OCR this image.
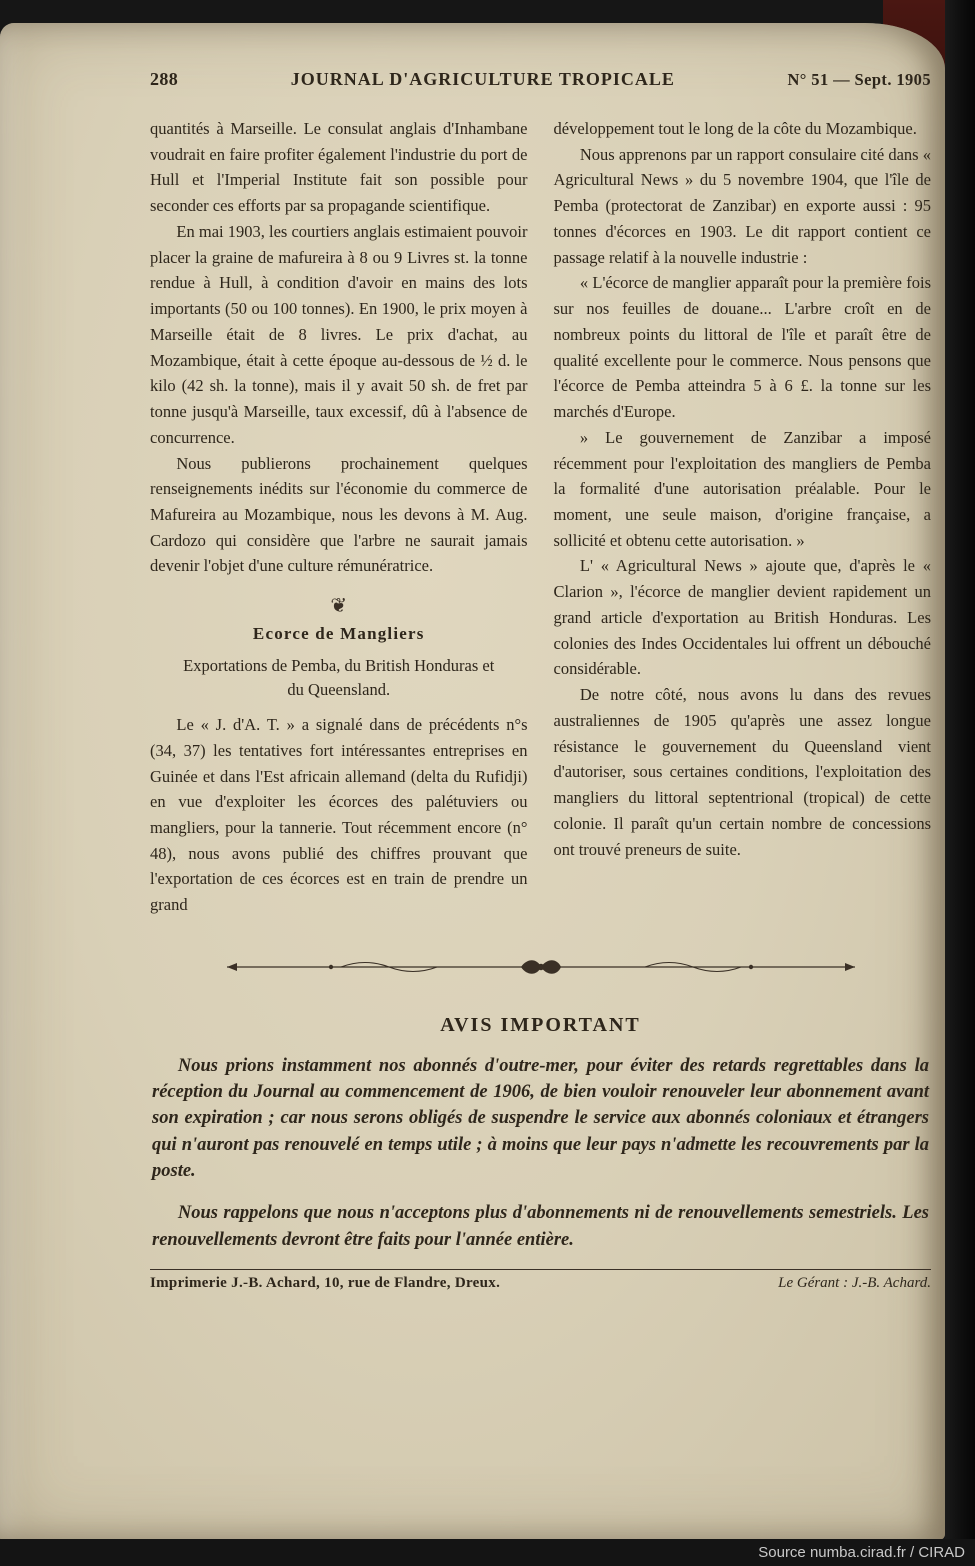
288	JOURNAL D'AGRICULTURE TROPICALE	N° 51 — Sept. 1905

quantités à Marseille. Le consulat anglais d'Inhambane voudrait en faire profiter également l'industrie du port de Hull et l'Imperial Institute fait son possible pour seconder ces efforts par sa propagande scientifique.

En mai 1903, les courtiers anglais estimaient pouvoir placer la graine de mafureira à 8 ou 9 Livres st. la tonne rendue à Hull, à condition d'avoir en mains des lots importants (50 ou 100 tonnes). En 1900, le prix moyen à Marseille était de 8 livres. Le prix d'achat, au Mozambique, était à cette époque au-dessous de ½ d. le kilo (42 sh. la tonne), mais il y avait 50 sh. de fret par tonne jusqu'à Marseille, taux excessif, dû à l'absence de concurrence.

Nous publierons prochainement quelques renseignements inédits sur l'économie du commerce de Mafureira au Mozambique, nous les devons à M. Aug. Cardozo qui considère que l'arbre ne saurait jamais devenir l'objet d'une culture rémunératrice.

❦
Ecorce de Mangliers

Exportations de Pemba, du British Honduras et du Queensland.

Le « J. d'A. T. » a signalé dans de précédents n°s (34, 37) les tentatives fort intéressantes entreprises en Guinée et dans l'Est africain allemand (delta du Rufidji) en vue d'exploiter les écorces des palétuviers ou mangliers, pour la tannerie. Tout récemment encore (n° 48), nous avons publié des chiffres prouvant que l'exportation de ces écorces est en train de prendre un grand

développement tout le long de la côte du Mozambique.

Nous apprenons par un rapport consulaire cité dans « Agricultural News » du 5 novembre 1904, que l'île de Pemba (protectorat de Zanzibar) en exporte aussi : 95 tonnes d'écorces en 1903. Le dit rapport contient ce passage relatif à la nouvelle industrie :

« L'écorce de manglier apparaît pour la première fois sur nos feuilles de douane... L'arbre croît en de nombreux points du littoral de l'île et paraît être de qualité excellente pour le commerce. Nous pensons que l'écorce de Pemba atteindra 5 à 6 £. la tonne sur les marchés d'Europe.

» Le gouvernement de Zanzibar a imposé récemment pour l'exploitation des mangliers de Pemba la formalité d'une autorisation préalable. Pour le moment, une seule maison, d'origine française, a sollicité et obtenu cette autorisation. »

L' « Agricultural News » ajoute que, d'après le « Clarion », l'écorce de manglier devient rapidement un grand article d'exportation au British Honduras. Les colonies des Indes Occidentales lui offrent un débouché considérable.

De notre côté, nous avons lu dans des revues australiennes de 1905 qu'après une assez longue résistance le gouvernement du Queensland vient d'autoriser, sous certaines conditions, l'exploitation des mangliers du littoral septentrional (tropical) de cette colonie. Il paraît qu'un certain nombre de concessions ont trouvé preneurs de suite.

AVIS IMPORTANT

Nous prions instamment nos abonnés d'outre-mer, pour éviter des retards regrettables dans la réception du Journal au commencement de 1906, de bien vouloir renouveler leur abonnement avant son expiration ; car nous serons obligés de suspendre le service aux abonnés coloniaux et étrangers qui n'auront pas renouvelé en temps utile ; à moins que leur pays n'admette les recouvrements par la poste.

Nous rappelons que nous n'acceptons plus d'abonnements ni de renouvellements semestriels. Les renouvellements devront être faits pour l'année entière.

Imprimerie J.-B. Achard, 10, rue de Flandre, Dreux.	Le Gérant : J.-B. Achard.
Source numba.cirad.fr / CIRAD
